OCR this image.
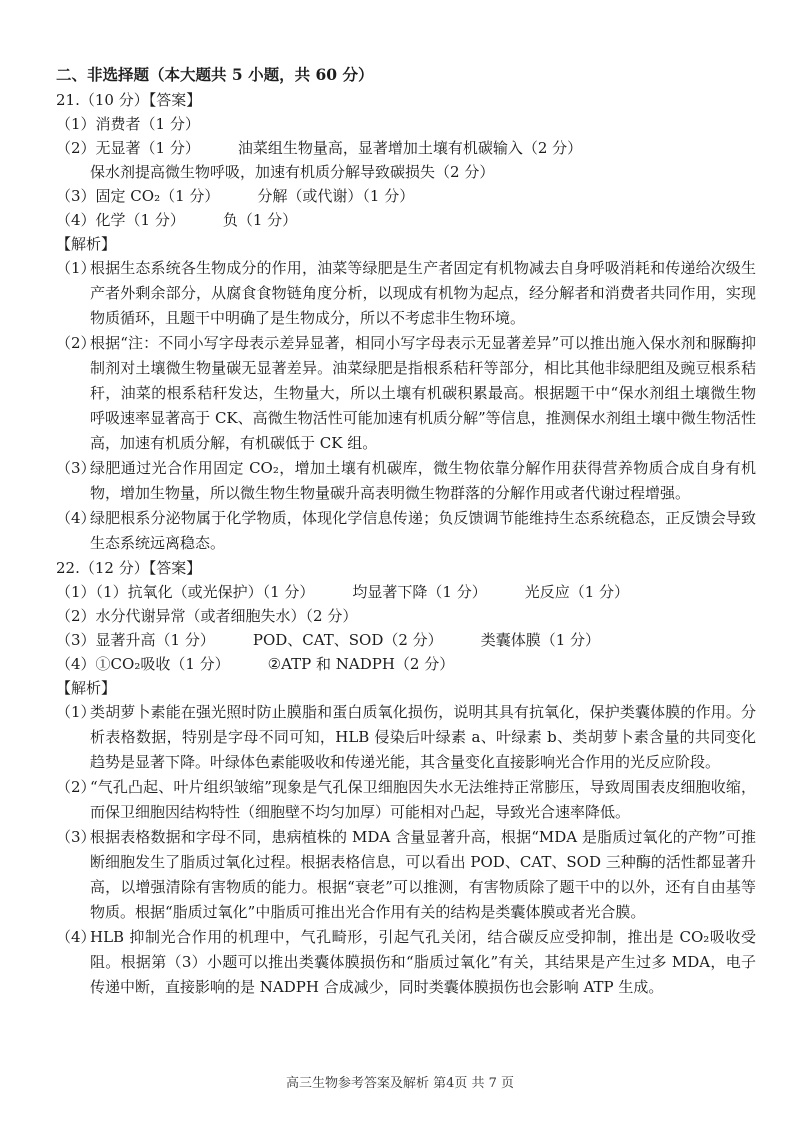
二、非选择题（本大题共 5 小题，共 60 分）
21.（10 分）【答案】
（1）消费者（1 分）
（2）无显著（1 分）	油菜组生物量高，显著增加土壤有机碳输入（2 分）
保水剂提高微生物呼吸，加速有机质分解导致碳损失（2 分）
（3）固定 CO₂（1 分）	分解（或代谢）（1 分）
（4）化学（1 分）	负（1 分）
【解析】
（1）
根据生态系统各生物成分的作用，油菜等绿肥是生产者固定有机物减去自身呼吸消耗和传递给次级生产者外剩余部分，从腐食食物链角度分析，以现成有机物为起点，经分解者和消费者共同作用，实现物质循环，且题干中明确了是生物成分，所以不考虑非生物环境。
（2）
根据“注：不同小写字母表示差异显著，相同小写字母表示无显著差异”可以推出施入保水剂和脲酶抑制剂对土壤微生物量碳无显著差异。油菜绿肥是指根系秸秆等部分，相比其他非绿肥组及豌豆根系秸秆，油菜的根系秸秆发达，生物量大，所以土壤有机碳积累最高。根据题干中“保水剂组土壤微生物呼吸速率显著高于 CK、高微生物活性可能加速有机质分解”等信息，推测保水剂组土壤中微生物活性高，加速有机质分解，有机碳低于 CK 组。
（3）
绿肥通过光合作用固定 CO₂，增加土壤有机碳库，微生物依靠分解作用获得营养物质合成自身有机物，增加生物量，所以微生物生物量碳升高表明微生物群落的分解作用或者代谢过程增强。
（4）
绿肥根系分泌物属于化学物质，体现化学信息传递；负反馈调节能维持生态系统稳态，正反馈会导致生态系统远离稳态。
22.（12 分）【答案】
（1）（1）抗氧化（或光保护）（1 分）	均显著下降（1 分）	光反应（1 分）
（2）水分代谢异常（或者细胞失水）（2 分）
（3）显著升高（1 分）	POD、CAT、SOD（2 分）	类囊体膜（1 分）
（4）①CO₂吸收（1 分）	②ATP 和 NADPH（2 分）
【解析】
（1）
类胡萝卜素能在强光照时防止膜脂和蛋白质氧化损伤，说明其具有抗氧化，保护类囊体膜的作用。分析表格数据，特别是字母不同可知，HLB 侵染后叶绿素 a、叶绿素 b、类胡萝卜素含量的共同变化趋势是显著下降。叶绿体色素能吸收和传递光能，其含量变化直接影响光合作用的光反应阶段。
（2）
“气孔凸起、叶片组织皱缩”现象是气孔保卫细胞因失水无法维持正常膨压，导致周围表皮细胞收缩，而保卫细胞因结构特性（细胞壁不均匀加厚）可能相对凸起，导致光合速率降低。
（3）
根据表格数据和字母不同，患病植株的 MDA 含量显著升高，根据“MDA 是脂质过氧化的产物”可推断细胞发生了脂质过氧化过程。根据表格信息，可以看出 POD、CAT、SOD 三种酶的活性都显著升高，以增强清除有害物质的能力。根据“衰老”可以推测，有害物质除了题干中的以外，还有自由基等物质。根据“脂质过氧化”中脂质可推出光合作用有关的结构是类囊体膜或者光合膜。
（4）
HLB 抑制光合作用的机理中，气孔畸形，引起气孔关闭，结合碳反应受抑制，推出是 CO₂吸收受阻。根据第（3）小题可以推出类囊体膜损伤和“脂质过氧化”有关，其结果是产生过多 MDA，电子传递中断，直接影响的是 NADPH 合成减少，同时类囊体膜损伤也会影响 ATP 生成。
高三生物参考答案及解析 第4页 共 7 页
